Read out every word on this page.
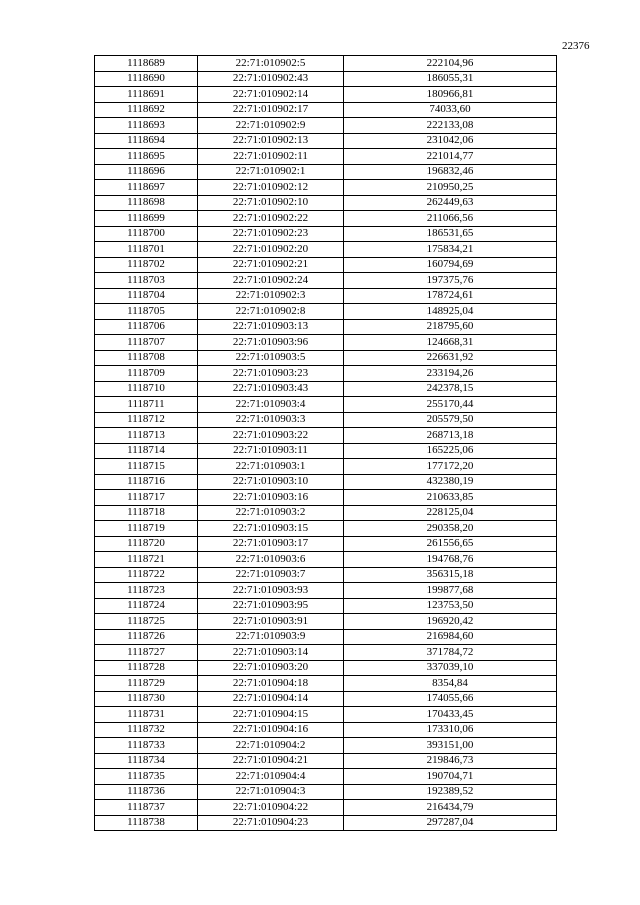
22376
1118689	22:71:010902:5	222104,96
1118690	22:71:010902:43	186055,31
1118691	22:71:010902:14	180966,81
1118692	22:71:010902:17	74033,60
1118693	22:71:010902:9	222133,08
1118694	22:71:010902:13	231042,06
1118695	22:71:010902:11	221014,77
1118696	22:71:010902:1	196832,46
1118697	22:71:010902:12	210950,25
1118698	22:71:010902:10	262449,63
1118699	22:71:010902:22	211066,56
1118700	22:71:010902:23	186531,65
1118701	22:71:010902:20	175834,21
1118702	22:71:010902:21	160794,69
1118703	22:71:010902:24	197375,76
1118704	22:71:010902:3	178724,61
1118705	22:71:010902:8	148925,04
1118706	22:71:010903:13	218795,60
1118707	22:71:010903:96	124668,31
1118708	22:71:010903:5	226631,92
1118709	22:71:010903:23	233194,26
1118710	22:71:010903:43	242378,15
1118711	22:71:010903:4	255170,44
1118712	22:71:010903:3	205579,50
1118713	22:71:010903:22	268713,18
1118714	22:71:010903:11	165225,06
1118715	22:71:010903:1	177172,20
1118716	22:71:010903:10	432380,19
1118717	22:71:010903:16	210633,85
1118718	22:71:010903:2	228125,04
1118719	22:71:010903:15	290358,20
1118720	22:71:010903:17	261556,65
1118721	22:71:010903:6	194768,76
1118722	22:71:010903:7	356315,18
1118723	22:71:010903:93	199877,68
1118724	22:71:010903:95	123753,50
1118725	22:71:010903:91	196920,42
1118726	22:71:010903:9	216984,60
1118727	22:71:010903:14	371784,72
1118728	22:71:010903:20	337039,10
1118729	22:71:010904:18	8354,84
1118730	22:71:010904:14	174055,66
1118731	22:71:010904:15	170433,45
1118732	22:71:010904:16	173310,06
1118733	22:71:010904:2	393151,00
1118734	22:71:010904:21	219846,73
1118735	22:71:010904:4	190704,71
1118736	22:71:010904:3	192389,52
1118737	22:71:010904:22	216434,79
1118738	22:71:010904:23	297287,04
